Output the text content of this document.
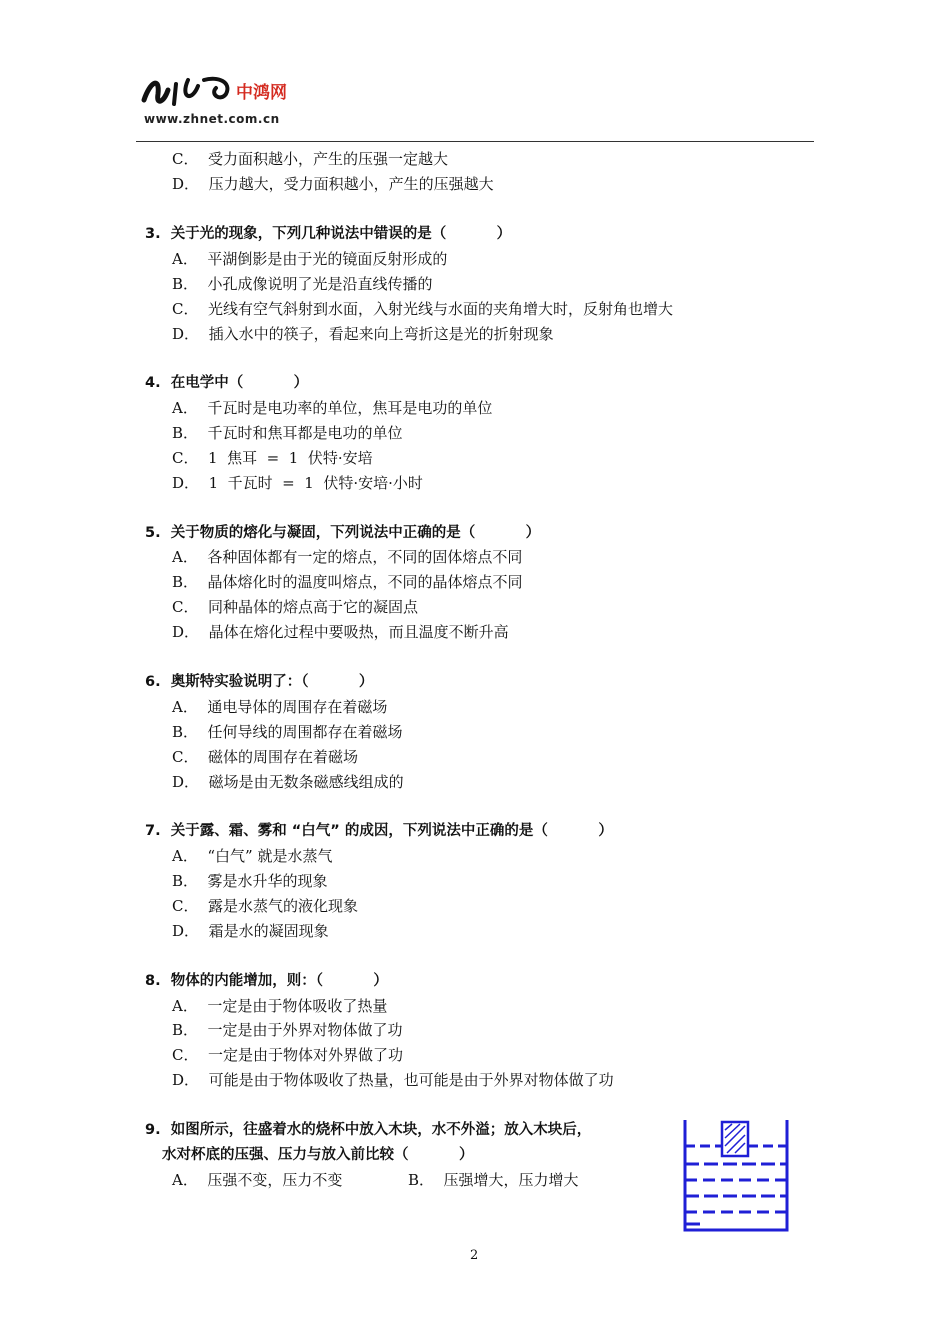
中鸿网
www.zhnet.com.cn
C． 受力面积越小，产生的压强一定越大
D． 压力越大，受力面积越小，产生的压强越大
3.  关于光的现象，下列几种说法中错误的是（          ）
A．  平湖倒影是由于光的镜面反射形成的
B．  小孔成像说明了光是沿直线传播的
C．  光线有空气斜射到水面，入射光线与水面的夹角增大时，反射角也增大
D．  插入水中的筷子，看起来向上弯折这是光的折射现象
4.  在电学中（          ）
A．  千瓦时是电功率的单位，焦耳是电功的单位
B．  千瓦时和焦耳都是电功的单位
C．  1  焦耳  =  1  伏特·安培
D．  1  千瓦时  =  1  伏特·安培·小时
5.  关于物质的熔化与凝固，下列说法中正确的是（          ）
A．  各种固体都有一定的熔点，不同的固体熔点不同
B．  晶体熔化时的温度叫熔点，不同的晶体熔点不同
C．  同种晶体的熔点高于它的凝固点
D．  晶体在熔化过程中要吸热，而且温度不断升高
6.  奥斯特实验说明了：（          ）
A．  通电导体的周围存在着磁场
B．  任何导线的周围都存在着磁场
C．  磁体的周围存在着磁场
D．  磁场是由无数条磁感线组成的
7.  关于露、霜、雾和 “白气” 的成因，下列说法中正确的是（          ）
A．  “白气” 就是水蒸气
B．  雾是水升华的现象
C．  露是水蒸气的液化现象
D．  霜是水的凝固现象
8.  物体的内能增加，则：（          ）
A．  一定是由于物体吸收了热量
B．  一定是由于外界对物体做了功
C．  一定是由于物体对外界做了功
D．  可能是由于物体吸收了热量，也可能是由于外界对物体做了功
9.  如图所示，往盛着水的烧杯中放入木块，水不外溢；放入木块后，
水对杯底的压强、压力与放入前比较（          ）
A．  压强不变，压力不变	B．  压强增大，压力增大
2
